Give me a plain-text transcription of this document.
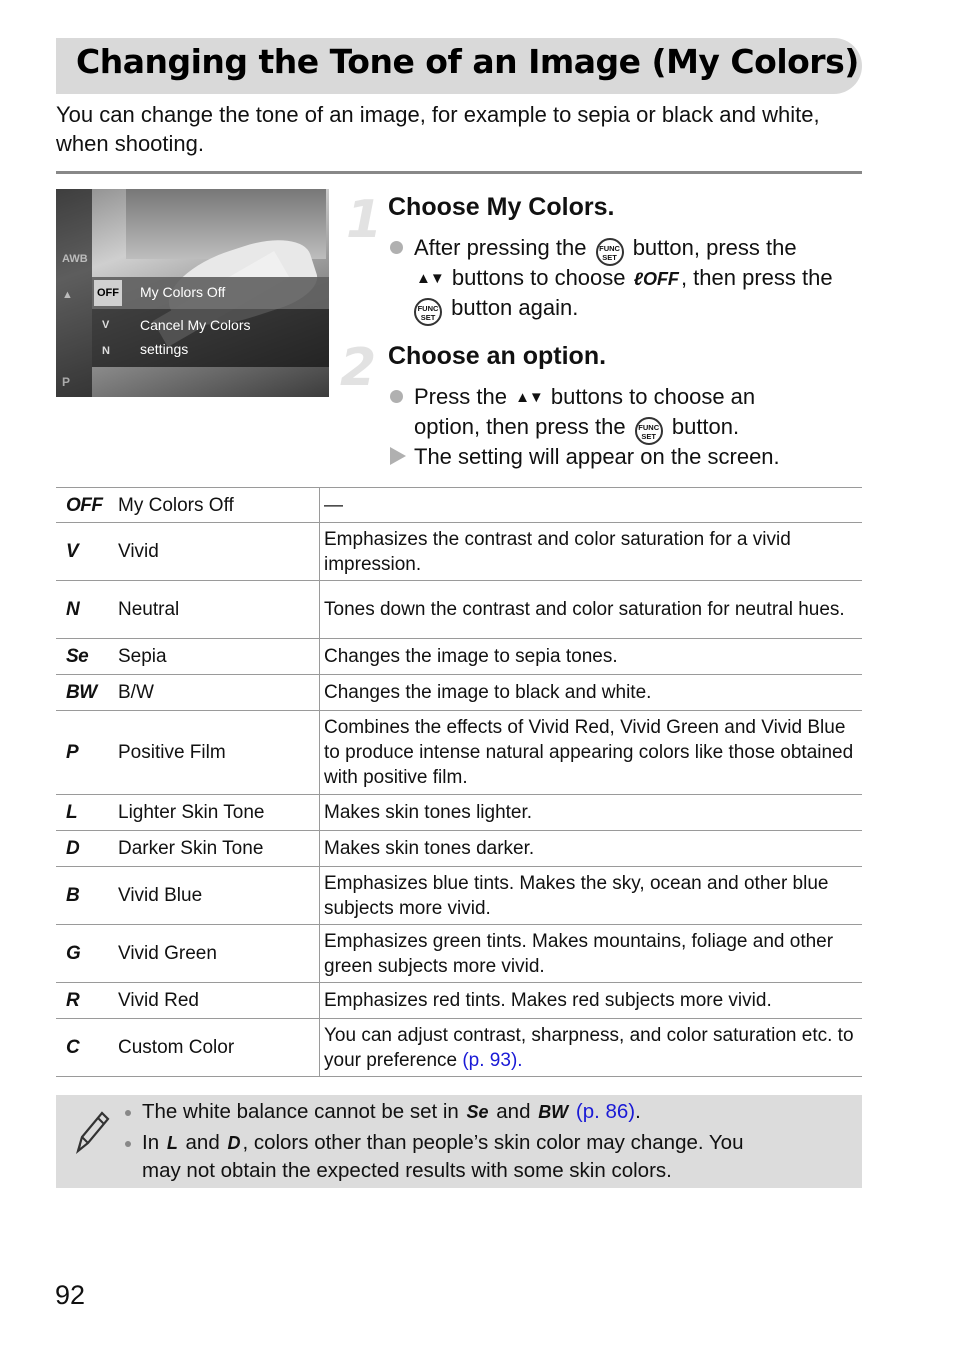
Changing the Tone of an Image (My Colors)
You can change the tone of an image, for example to sepia or black and white, when shooting.
AWB
▲ OFF My Colors Off
V
N
Cancel My Colors
settings
P
1 Choose My Colors.
After pressing the FUNC
SET button, press the
▲▼ buttons to choose ℓOFF, then press the
FUNC
SET button again.
2 Choose an option.
Press the ▲▼ buttons to choose an
option, then press the FUNC
SET button.
The setting will appear on the screen.
OFF	My Colors Off	—
V	Vivid	Emphasizes the contrast and color saturation for a vivid impression.
N	Neutral	Tones down the contrast and color saturation for neutral hues.
Se	Sepia	Changes the image to sepia tones.
BW	B/W	Changes the image to black and white.
P	Positive Film	Combines the effects of Vivid Red, Vivid Green and Vivid Blue to produce intense natural appearing colors like those obtained with positive film.
L	Lighter Skin Tone	Makes skin tones lighter.
D	Darker Skin Tone	Makes skin tones darker.
B	Vivid Blue	Emphasizes blue tints. Makes the sky, ocean and other blue subjects more vivid.
G	Vivid Green	Emphasizes green tints. Makes mountains, foliage and other green subjects more vivid.
R	Vivid Red	Emphasizes red tints. Makes red subjects more vivid.
C	Custom Color	You can adjust contrast, sharpness, and color saturation etc. to your preference (p. 93).
The white balance cannot be set in Se and BW (p. 86).
In L and D, colors other than people’s skin color may change. You
may not obtain the expected results with some skin colors.
92
